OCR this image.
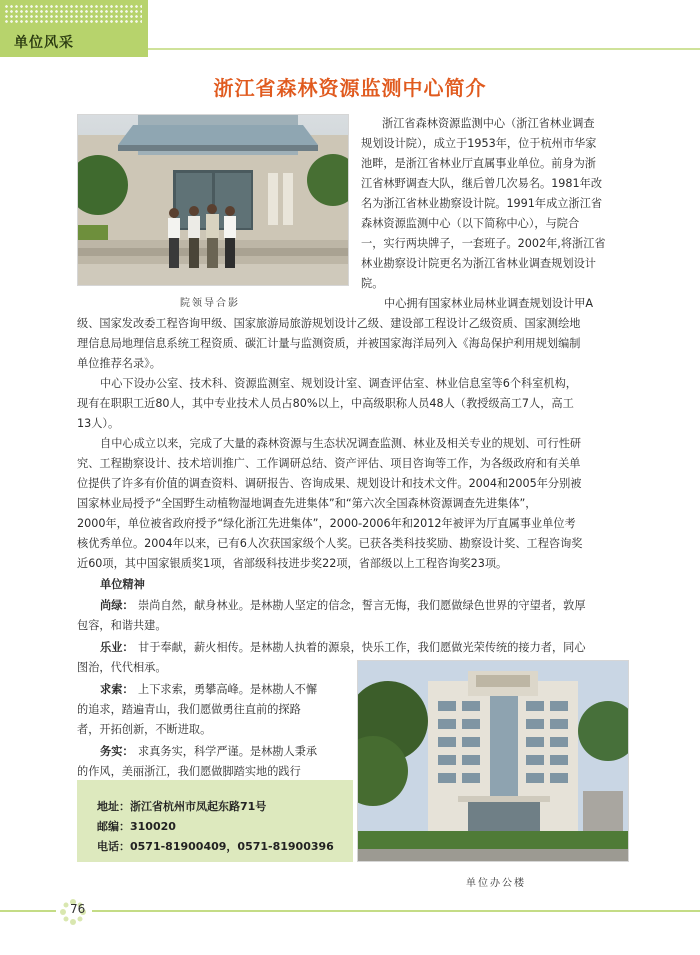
单位风采
浙江省森林资源监测中心简介
院领导合影
浙江省森林资源监测中心（浙江省林业调查
规划设计院），成立于1953年，位于杭州市华家
池畔，是浙江省林业厅直属事业单位。前身为浙
江省林野调查大队，继后曾几次易名。1981年改
名为浙江省林业勘察设计院。1991年成立浙江省
森林资源监测中心（以下简称中心），与院合
一，实行两块牌子，一套班子。2002年,将浙江省
林业勘察设计院更名为浙江省林业调查规划设计
院。
中心拥有国家林业局林业调查规划设计甲A
级、国家发改委工程咨询甲级、国家旅游局旅游规划设计乙级、建设部工程设计乙级资质、国家测绘地
理信息局地理信息系统工程资质、碳汇计量与监测资质，并被国家海洋局列入《海岛保护利用规划编制
单位推荐名录》。
中心下设办公室、技术科、资源监测室、规划设计室、调查评估室、林业信息室等6个科室机构，
现有在职职工近80人，其中专业技术人员占80%以上，中高级职称人员48人（教授级高工7人，高工
13人）。
自中心成立以来，完成了大量的森林资源与生态状况调查监测、林业及相关专业的规划、可行性研
究、工程勘察设计、技术培训推广、工作调研总结、资产评估、项目咨询等工作，为各级政府和有关单
位提供了许多有价值的调查资料、调研报告、咨询成果、规划设计和技术文件。2004和2005年分别被
国家林业局授予“全国野生动植物湿地调查先进集体”和“第六次全国森林资源调查先进集体”，
2000年，单位被省政府授予“绿化浙江先进集体”，2000-2006年和2012年被评为厅直属事业单位考
核优秀单位。2004年以来，已有6人次获国家级个人奖。已获各类科技奖励、勘察设计奖、工程咨询奖
近60项，其中国家银质奖1项，省部级科技进步奖22项，省部级以上工程咨询奖23项。
单位精神
尚绿： 崇尚自然，献身林业。是林勘人坚定的信念，誓言无悔，我们愿做绿色世界的守望者，敦厚
包容，和谐共建。
乐业： 甘于奉献，薪火相传。是林勘人执着的源泉，快乐工作，我们愿做光荣传统的接力者，同心
图治，代代相承。
求索： 上下求索，勇攀高峰。是林勘人不懈
的追求，踏遍青山，我们愿做勇往直前的探路
者，开拓创新，不断进取。
务实： 求真务实，科学严谨。是林勘人秉承
的作风，美丽浙江，我们愿做脚踏实地的践行
地址：浙江省杭州市凤起东路71号
邮编：310020
电话：0571-81900409，0571-81900396
单位办公楼
76
